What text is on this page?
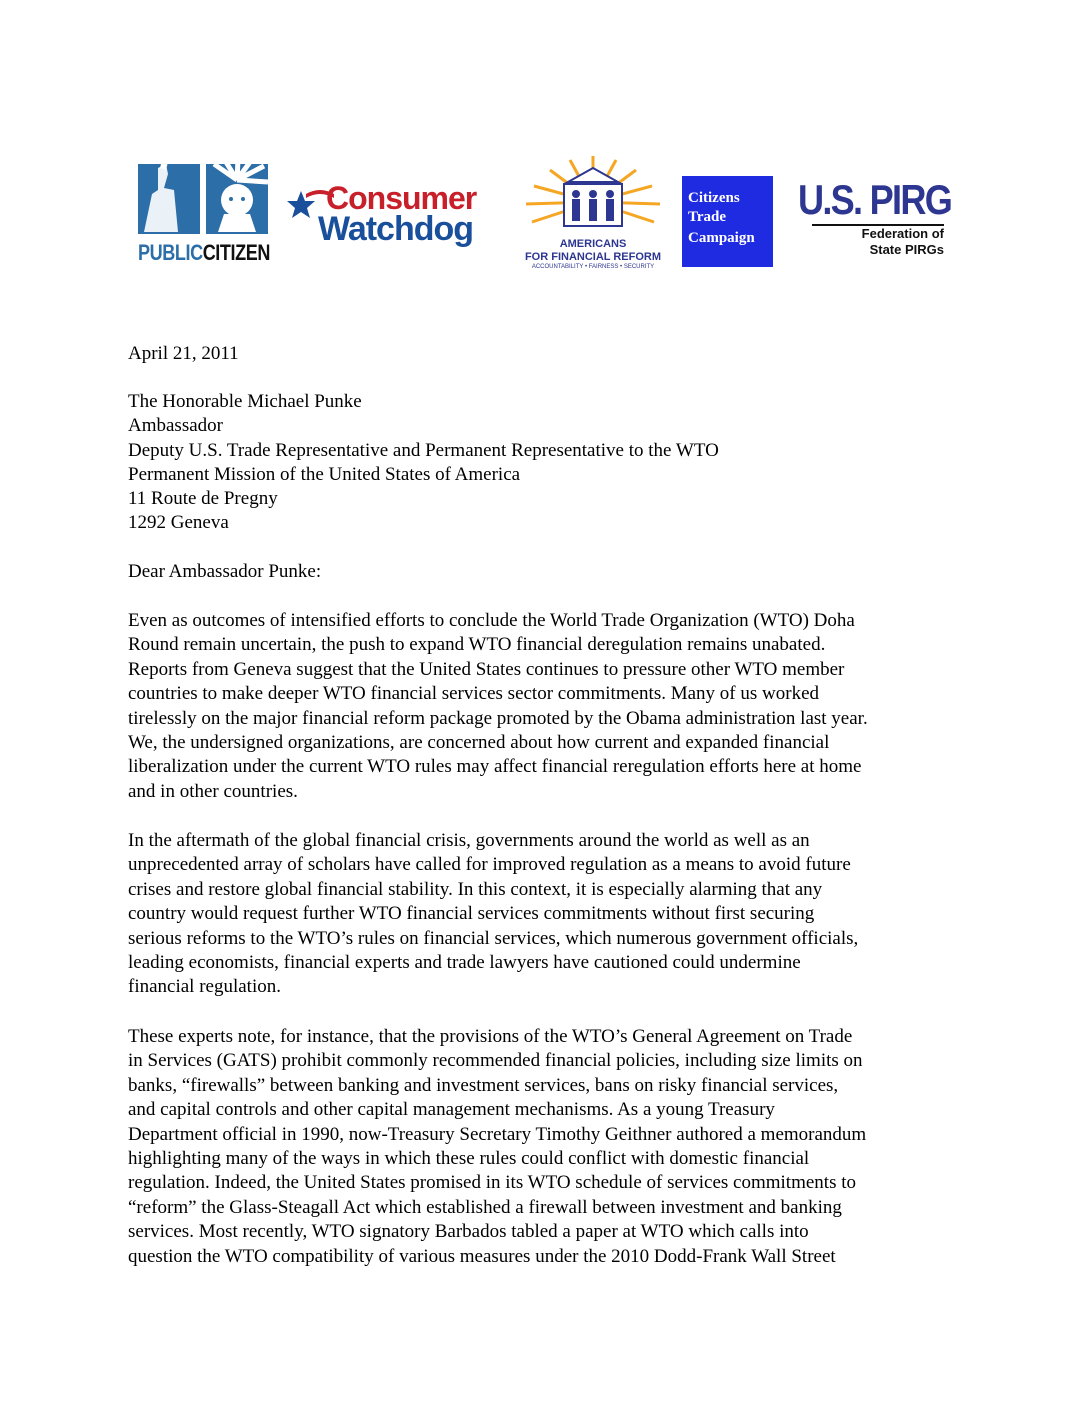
PUBLICCITIZEN
Consumer
Watchdog	AMERICANS
FOR FINANCIAL REFORM
ACCOUNTABILITY • FAIRNESS • SECURITY
Citizens
Trade
Campaign
U.S. PIRG
Federation of
State PIRGs
April 21, 2011
The Honorable Michael Punke
Ambassador
Deputy U.S. Trade Representative and Permanent Representative to the WTO
Permanent Mission of the United States of America
11 Route de Pregny
1292 Geneva
Dear Ambassador Punke:
Even as outcomes of intensified efforts to conclude the World Trade Organization (WTO) Doha
Round remain uncertain, the push to expand WTO financial deregulation remains unabated.
Reports from Geneva suggest that the United States continues to pressure other WTO member
countries to make deeper WTO financial services sector commitments. Many of us worked
tirelessly on the major financial reform package promoted by the Obama administration last year.
We, the undersigned organizations, are concerned about how current and expanded financial
liberalization under the current WTO rules may affect financial reregulation efforts here at home
and in other countries.
In the aftermath of the global financial crisis, governments around the world as well as an
unprecedented array of scholars have called for improved regulation as a means to avoid future
crises and restore global financial stability. In this context, it is especially alarming that any
country would request further WTO financial services commitments without first securing
serious reforms to the WTO’s rules on financial services, which numerous government officials,
leading economists, financial experts and trade lawyers have cautioned could undermine
financial regulation.
These experts note, for instance, that the provisions of the WTO’s General Agreement on Trade
in Services (GATS) prohibit commonly recommended financial policies, including size limits on
banks, “firewalls” between banking and investment services, bans on risky financial services,
and capital controls and other capital management mechanisms. As a young Treasury
Department official in 1990, now-Treasury Secretary Timothy Geithner authored a memorandum
highlighting many of the ways in which these rules could conflict with domestic financial
regulation. Indeed, the United States promised in its WTO schedule of services commitments to
“reform” the Glass-Steagall Act which established a firewall between investment and banking
services. Most recently, WTO signatory Barbados tabled a paper at WTO which calls into
question the WTO compatibility of various measures under the 2010 Dodd-Frank Wall Street
